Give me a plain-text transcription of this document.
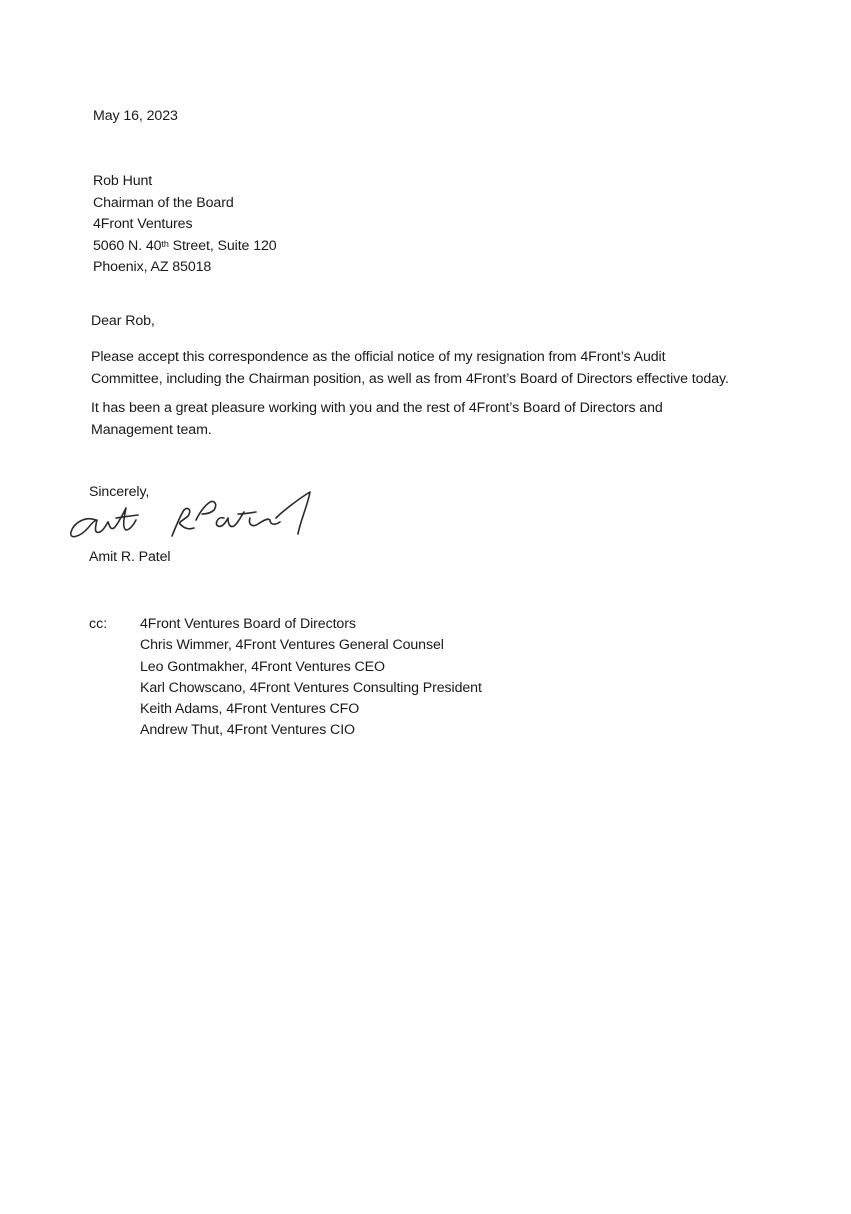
May 16, 2023
Rob Hunt
Chairman of the Board
4Front Ventures
5060 N. 40th Street, Suite 120
Phoenix, AZ 85018
Dear Rob,
Please accept this correspondence as the official notice of my resignation from 4Front’s Audit
Committee, including the Chairman position, as well as from 4Front’s Board of Directors effective today.
It has been a great pleasure working with you and the rest of 4Front’s Board of Directors and
Management team.
Sincerely,
Amit R. Patel
cc: 4Front Ventures Board of Directors
Chris Wimmer, 4Front Ventures General Counsel
Leo Gontmakher, 4Front Ventures CEO
Karl Chowscano, 4Front Ventures Consulting President
Keith Adams, 4Front Ventures CFO
Andrew Thut, 4Front Ventures CIO
